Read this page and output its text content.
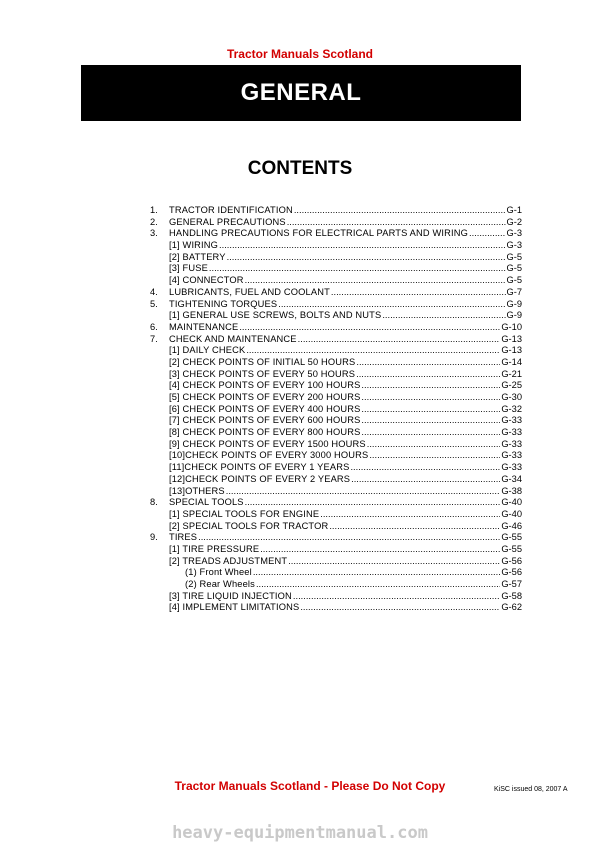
Tractor Manuals Scotland
GENERAL
CONTENTS
1.	TRACTOR IDENTIFICATION .....	G-1
2.	GENERAL PRECAUTIONS .....	G-2
3.	HANDLING PRECAUTIONS FOR ELECTRICAL PARTS AND WIRING .....	G-3
[1] WIRING .....	G-3
[2] BATTERY .....	G-5
[3] FUSE .....	G-5
[4] CONNECTOR .....	G-5
4.	LUBRICANTS, FUEL AND COOLANT .....	G-7
5.	TIGHTENING TORQUES .....	G-9
[1] GENERAL USE SCREWS, BOLTS AND NUTS .....	G-9
6.	MAINTENANCE .....	G-10
7.	CHECK AND MAINTENANCE .....	G-13
[1] DAILY CHECK .....	G-13
[2] CHECK POINTS OF INITIAL 50 HOURS .....	G-14
[3] CHECK POINTS OF EVERY 50 HOURS .....	G-21
[4] CHECK POINTS OF EVERY 100 HOURS .....	G-25
[5] CHECK POINTS OF EVERY 200 HOURS .....	G-30
[6] CHECK POINTS OF EVERY 400 HOURS .....	G-32
[7] CHECK POINTS OF EVERY 600 HOURS .....	G-33
[8] CHECK POINTS OF EVERY 800 HOURS .....	G-33
[9] CHECK POINTS OF EVERY 1500 HOURS .....	G-33
[10]CHECK POINTS OF EVERY 3000 HOURS .....	G-33
[11]CHECK POINTS OF EVERY 1 YEARS .....	G-33
[12]CHECK POINTS OF EVERY 2 YEARS .....	G-34
[13]OTHERS .....	G-38
8.	SPECIAL TOOLS .....	G-40
[1] SPECIAL TOOLS FOR ENGINE .....	G-40
[2] SPECIAL TOOLS FOR TRACTOR .....	G-46
9.	TIRES .....	G-55
[1] TIRE PRESSURE .....	G-55
[2] TREADS ADJUSTMENT .....	G-56
(1) Front Wheel .....	G-56
(2) Rear Wheels .....	G-57
[3] TIRE LIQUID INJECTION .....	G-58
[4] IMPLEMENT LIMITATIONS .....	G-62
Tractor Manuals Scotland - Please Do Not Copy	KiSC issued 08, 2007 A
heavy-equipmentmanual.com
